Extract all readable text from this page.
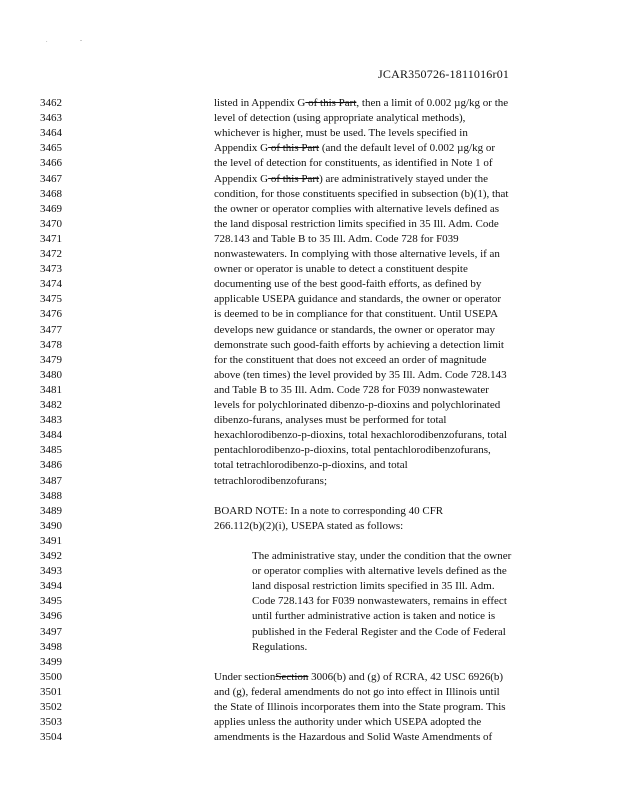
.	-
JCAR350726-1811016r01
3462
3463
3464
3465
3466
3467
3468
3469
3470
3471
3472
3473
3474
3475
3476
3477
3478
3479
3480
3481
3482
3483
3484
3485
3486
3487
3488
3489
3490
3491
3492
3493
3494
3495
3496
3497
3498
3499
3500
3501
3502
3503
3504
listed in Appendix G of this Part, then a limit of 0.002 µg/kg or the
level of detection (using appropriate analytical methods),
whichever is higher, must be used. The levels specified in
Appendix G of this Part (and the default level of 0.002 µg/kg or
the level of detection for constituents, as identified in Note 1 of
Appendix G of this Part) are administratively stayed under the
condition, for those constituents specified in subsection (b)(1), that
the owner or operator complies with alternative levels defined as
the land disposal restriction limits specified in 35 Ill. Adm. Code
728.143 and Table B to 35 Ill. Adm. Code 728 for F039
nonwastewaters. In complying with those alternative levels, if an
owner or operator is unable to detect a constituent despite
documenting use of the best good-faith efforts, as defined by
applicable USEPA guidance and standards, the owner or operator
is deemed to be in compliance for that constituent. Until USEPA
develops new guidance or standards, the owner or operator may
demonstrate such good-faith efforts by achieving a detection limit
for the constituent that does not exceed an order of magnitude
above (ten times) the level provided by 35 Ill. Adm. Code 728.143
and Table B to 35 Ill. Adm. Code 728 for F039 nonwastewater
levels for polychlorinated dibenzo-p-dioxins and polychlorinated
dibenzo-furans, analyses must be performed for total
hexachlorodibenzo-p-dioxins, total hexachlorodibenzofurans, total
pentachlorodibenzo-p-dioxins, total pentachlorodibenzofurans,
total tetrachlorodibenzo-p-dioxins, and total
tetrachlorodibenzofurans;
BOARD NOTE: In a note to corresponding 40 CFR
266.112(b)(2)(i), USEPA stated as follows:
The administrative stay, under the condition that the owner
or operator complies with alternative levels defined as the
land disposal restriction limits specified in 35 Ill. Adm.
Code 728.143 for F039 nonwastewaters, remains in effect
until further administrative action is taken and notice is
published in the Federal Register and the Code of Federal
Regulations.
Under sectionSection 3006(b) and (g) of RCRA, 42 USC 6926(b)
and (g), federal amendments do not go into effect in Illinois until
the State of Illinois incorporates them into the State program. This
applies unless the authority under which USEPA adopted the
amendments is the Hazardous and Solid Waste Amendments of
